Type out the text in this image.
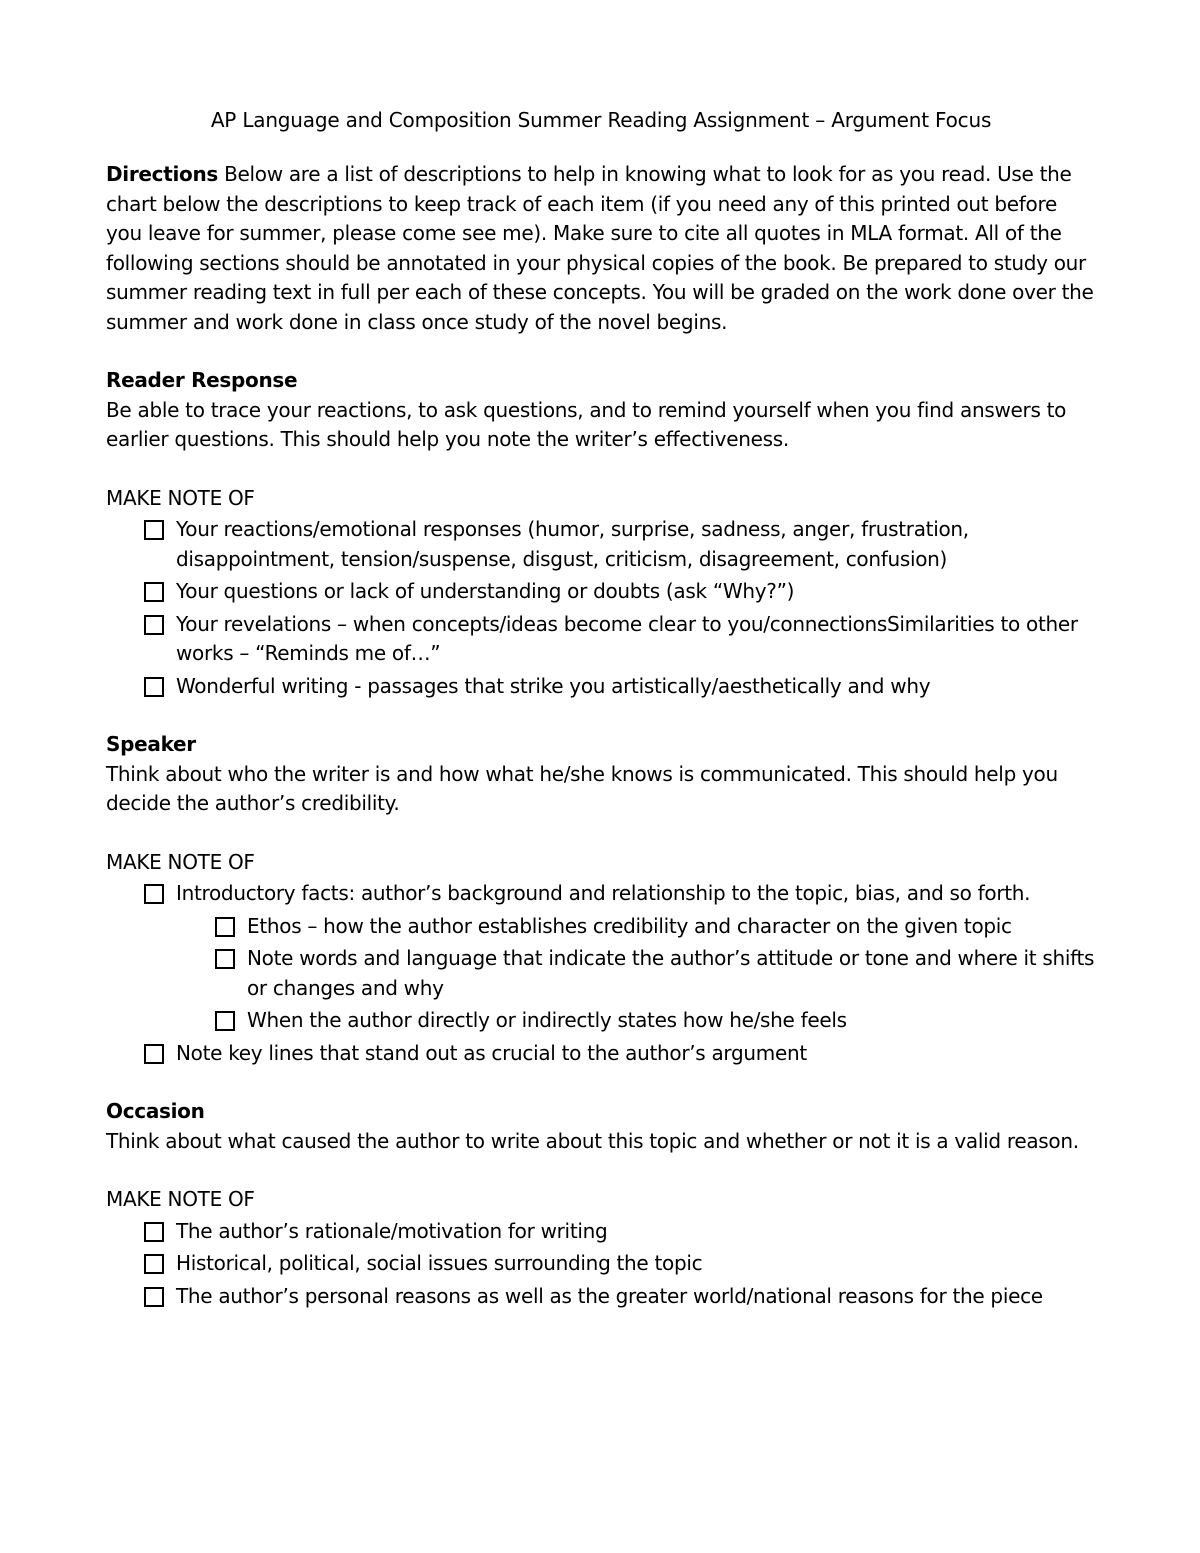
AP Language and Composition Summer Reading Assignment – Argument Focus

Directions Below are a list of descriptions to help in knowing what to look for as you read. Use the chart below the descriptions to keep track of each item (if you need any of this printed out before you leave for summer, please come see me). Make sure to cite all quotes in MLA format. All of the following sections should be annotated in your physical copies of the book. Be prepared to study our summer reading text in full per each of these concepts. You will be graded on the work done over the summer and work done in class once study of the novel begins.

Reader Response

Be able to trace your reactions, to ask questions, and to remind yourself when you find answers to earlier questions. This should help you note the writer’s effectiveness.

MAKE NOTE OF

Your reactions/emotional responses (humor, surprise, sadness, anger, frustration, disappointment, tension/suspense, disgust, criticism, disagreement, confusion)
Your questions or lack of understanding or doubts (ask “Why?”)
Your revelations – when concepts/ideas become clear to you/connectionsSimilarities to other works – “Reminds me of…”
Wonderful writing - passages that strike you artistically/aesthetically and why

Speaker

Think about who the writer is and how what he/she knows is communicated. This should help you decide the author’s credibility.

MAKE NOTE OF

Introductory facts: author’s background and relationship to the topic, bias, and so forth.
Ethos – how the author establishes credibility and character on the given topic
Note words and language that indicate the author’s attitude or tone and where it shifts or changes and why
When the author directly or indirectly states how he/she feels
Note key lines that stand out as crucial to the author’s argument

Occasion

Think about what caused the author to write about this topic and whether or not it is a valid reason.

MAKE NOTE OF

The author’s rationale/motivation for writing
Historical, political, social issues surrounding the topic
The author’s personal reasons as well as the greater world/national reasons for the piece
